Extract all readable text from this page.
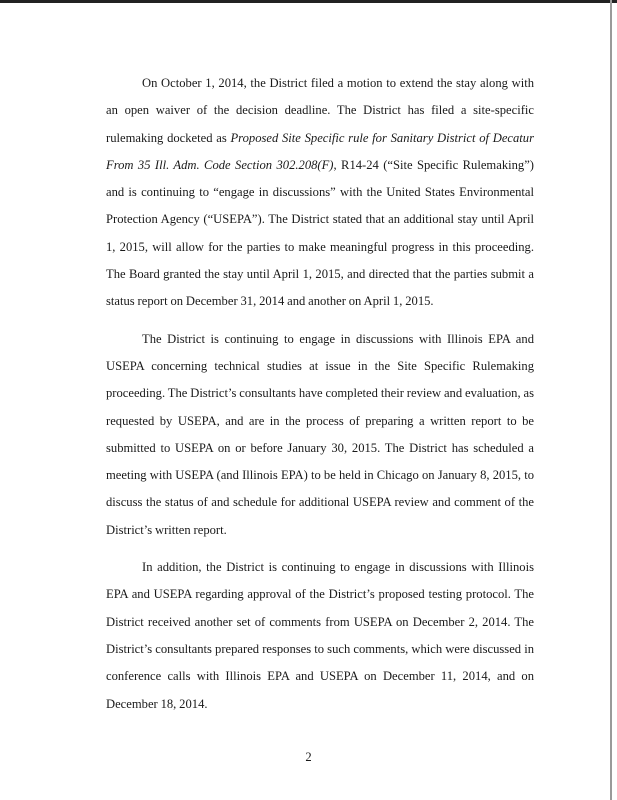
On October 1, 2014, the District filed a motion to extend the stay along with an open waiver of the decision deadline. The District has filed a site-specific rulemaking docketed as Proposed Site Specific rule for Sanitary District of Decatur From 35 Ill. Adm. Code Section 302.208(F), R14-24 (“Site Specific Rulemaking”) and is continuing to “engage in discussions” with the United States Environmental Protection Agency (“USEPA”). The District stated that an additional stay until April 1, 2015, will allow for the parties to make meaningful progress in this proceeding. The Board granted the stay until April 1, 2015, and directed that the parties submit a status report on December 31, 2014 and another on April 1, 2015.

The District is continuing to engage in discussions with Illinois EPA and USEPA concerning technical studies at issue in the Site Specific Rulemaking proceeding. The District’s consultants have completed their review and evaluation, as requested by USEPA, and are in the process of preparing a written report to be submitted to USEPA on or before January 30, 2015. The District has scheduled a meeting with USEPA (and Illinois EPA) to be held in Chicago on January 8, 2015, to discuss the status of and schedule for additional USEPA review and comment of the District’s written report.

In addition, the District is continuing to engage in discussions with Illinois EPA and USEPA regarding approval of the District’s proposed testing protocol. The District received another set of comments from USEPA on December 2, 2014. The District’s consultants prepared responses to such comments, which were discussed in conference calls with Illinois EPA and USEPA on December 11, 2014, and on December 18, 2014.

2
